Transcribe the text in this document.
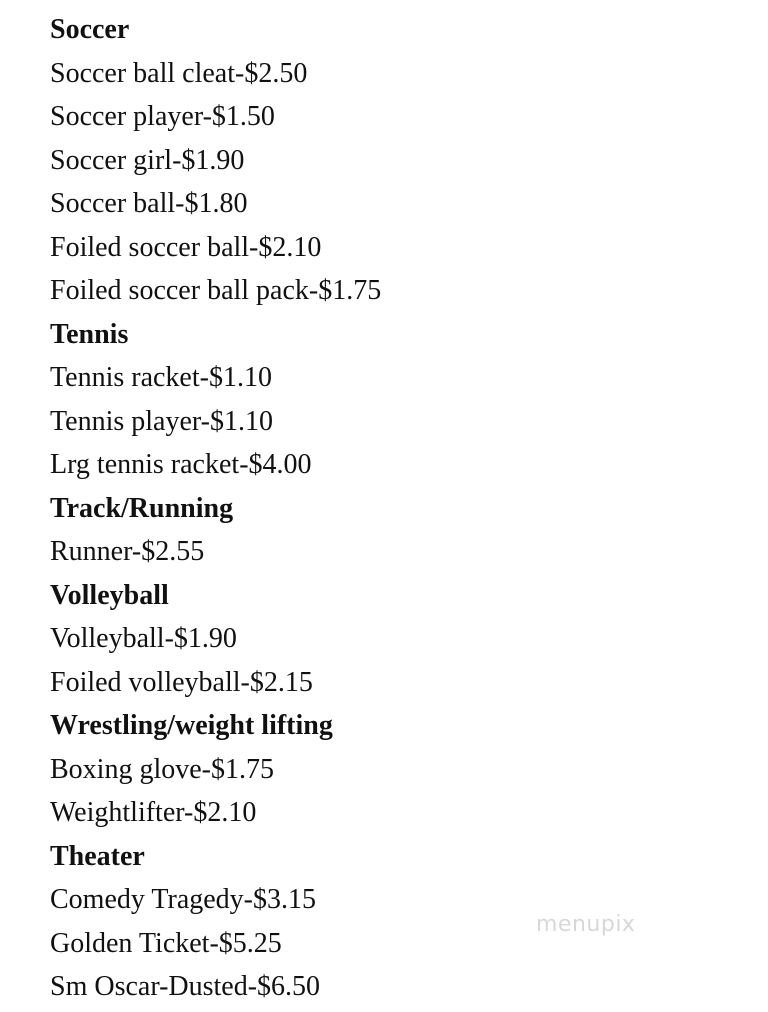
Soccer
Soccer ball cleat-$2.50
Soccer player-$1.50
Soccer girl-$1.90
Soccer ball-$1.80
Foiled soccer ball-$2.10
Foiled soccer ball pack-$1.75
Tennis
Tennis racket-$1.10
Tennis player-$1.10
Lrg tennis racket-$4.00
Track/Running
Runner-$2.55
Volleyball
Volleyball-$1.90
Foiled volleyball-$2.15
Wrestling/weight lifting
Boxing glove-$1.75
Weightlifter-$2.10
Theater
Comedy Tragedy-$3.15
Golden Ticket-$5.25
Sm Oscar-Dusted-$6.50
menupix
